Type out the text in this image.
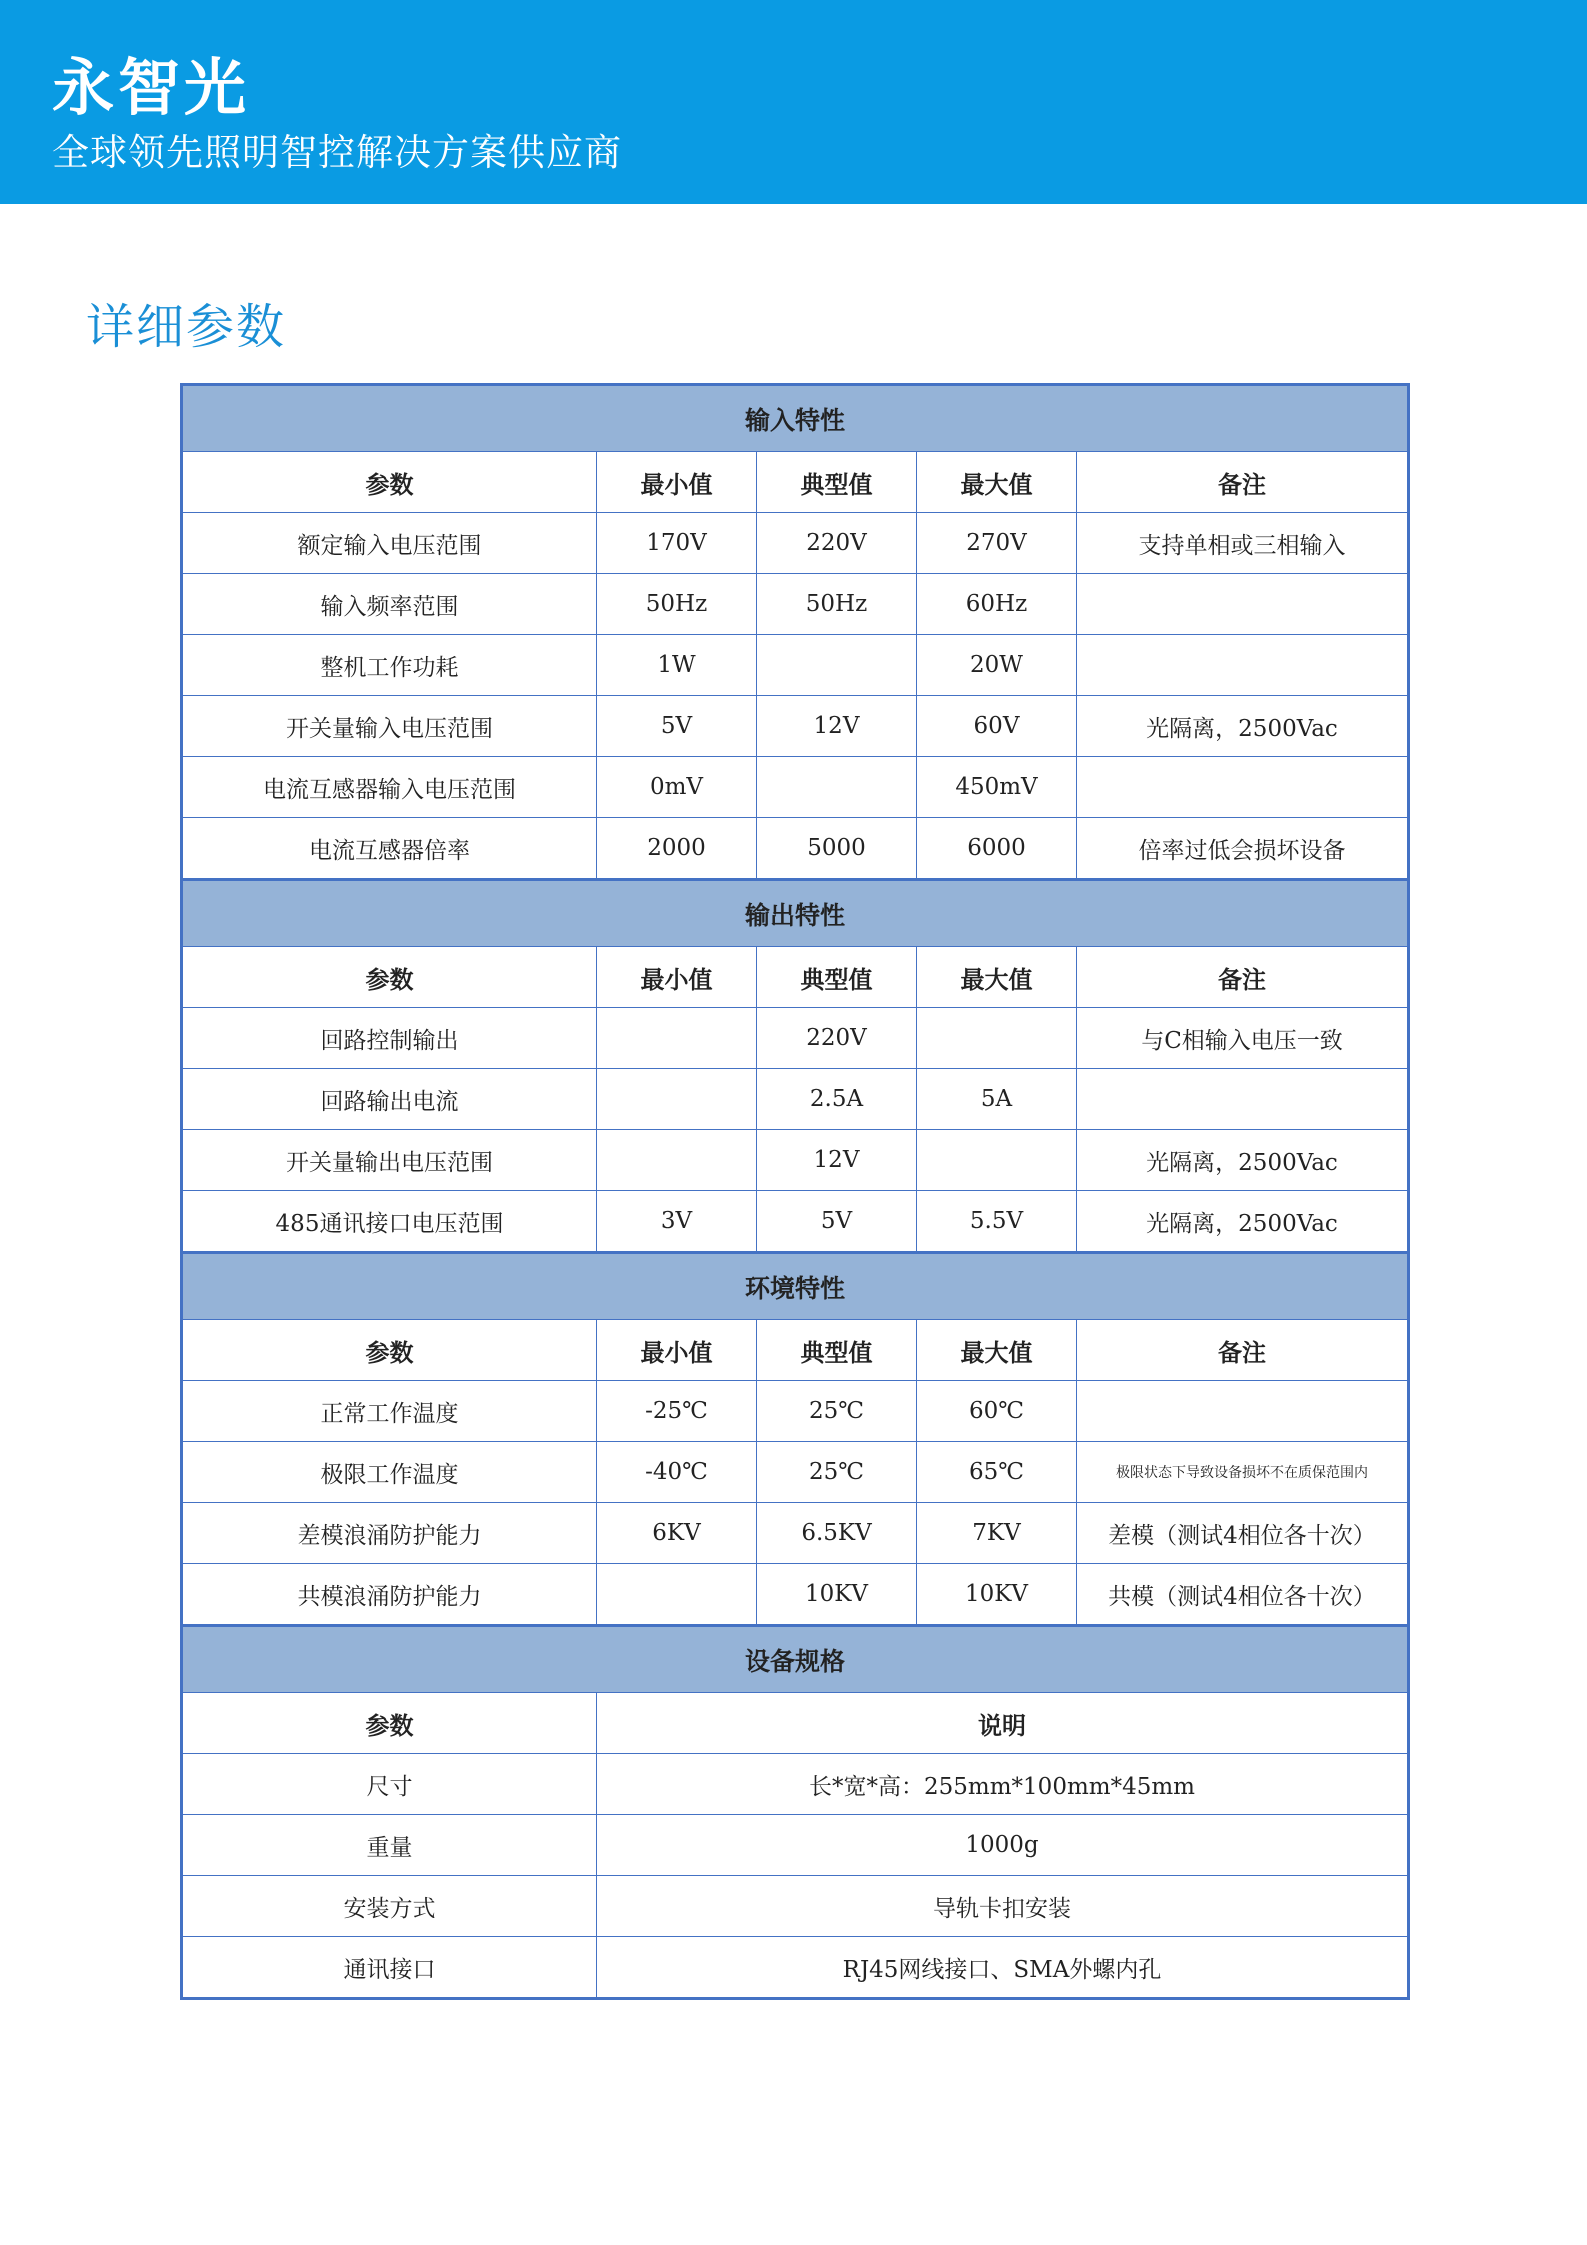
永智光
全球领先照明智控解决方案供应商
详细参数
输入特性				
参数	最小值	典型值	最大值	备注
额定输入电压范围	170V	220V	270V	支持单相或三相输入
输入频率范围	50Hz	50Hz	60Hz	
整机工作功耗	1W		20W	
开关量输入电压范围	5V	12V	60V	光隔离，2500Vac
电流互感器输入电压范围	0mV		450mV	
电流互感器倍率	2000	5000	6000	倍率过低会损坏设备
输出特性				
参数	最小值	典型值	最大值	备注
回路控制输出		220V		与C相输入电压一致
回路输出电流		2.5A	5A	
开关量输出电压范围		12V		光隔离，2500Vac
485通讯接口电压范围	3V	5V	5.5V	光隔离，2500Vac
环境特性				
参数	最小值	典型值	最大值	备注
正常工作温度	-25℃	25℃	60℃	
极限工作温度	-40℃	25℃	65℃	极限状态下导致设备损坏不在质保范围内
差模浪涌防护能力	6KV	6.5KV	7KV	差模（测试4相位各十次）
共模浪涌防护能力		10KV	10KV	共模（测试4相位各十次）
设备规格				
参数	说明			
尺寸	长*宽*高：255mm*100mm*45mm			
重量	1000g			
安装方式	导轨卡扣安装			
通讯接口	RJ45网线接口、SMA外螺内孔			
